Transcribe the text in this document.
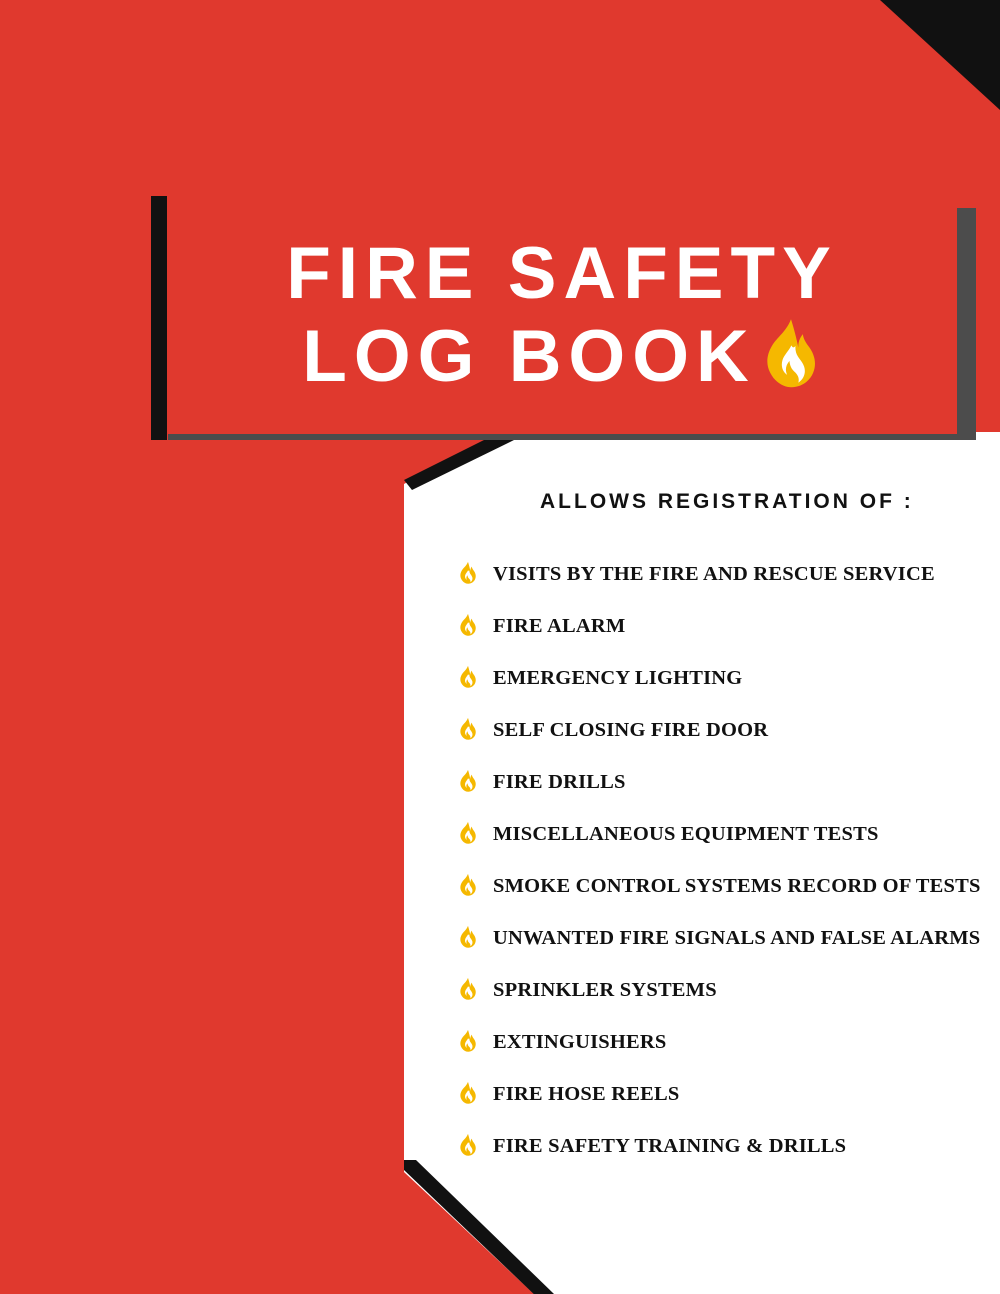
FIRE SAFETY
LOG BOOK
ALLOWS REGISTRATION OF :
VISITS BY THE FIRE AND RESCUE SERVICE
FIRE ALARM
EMERGENCY LIGHTING
SELF CLOSING FIRE DOOR
FIRE DRILLS
MISCELLANEOUS EQUIPMENT TESTS
SMOKE CONTROL SYSTEMS RECORD OF TESTS
UNWANTED FIRE SIGNALS AND FALSE ALARMS
SPRINKLER SYSTEMS
EXTINGUISHERS
FIRE HOSE REELS
FIRE SAFETY TRAINING & DRILLS
